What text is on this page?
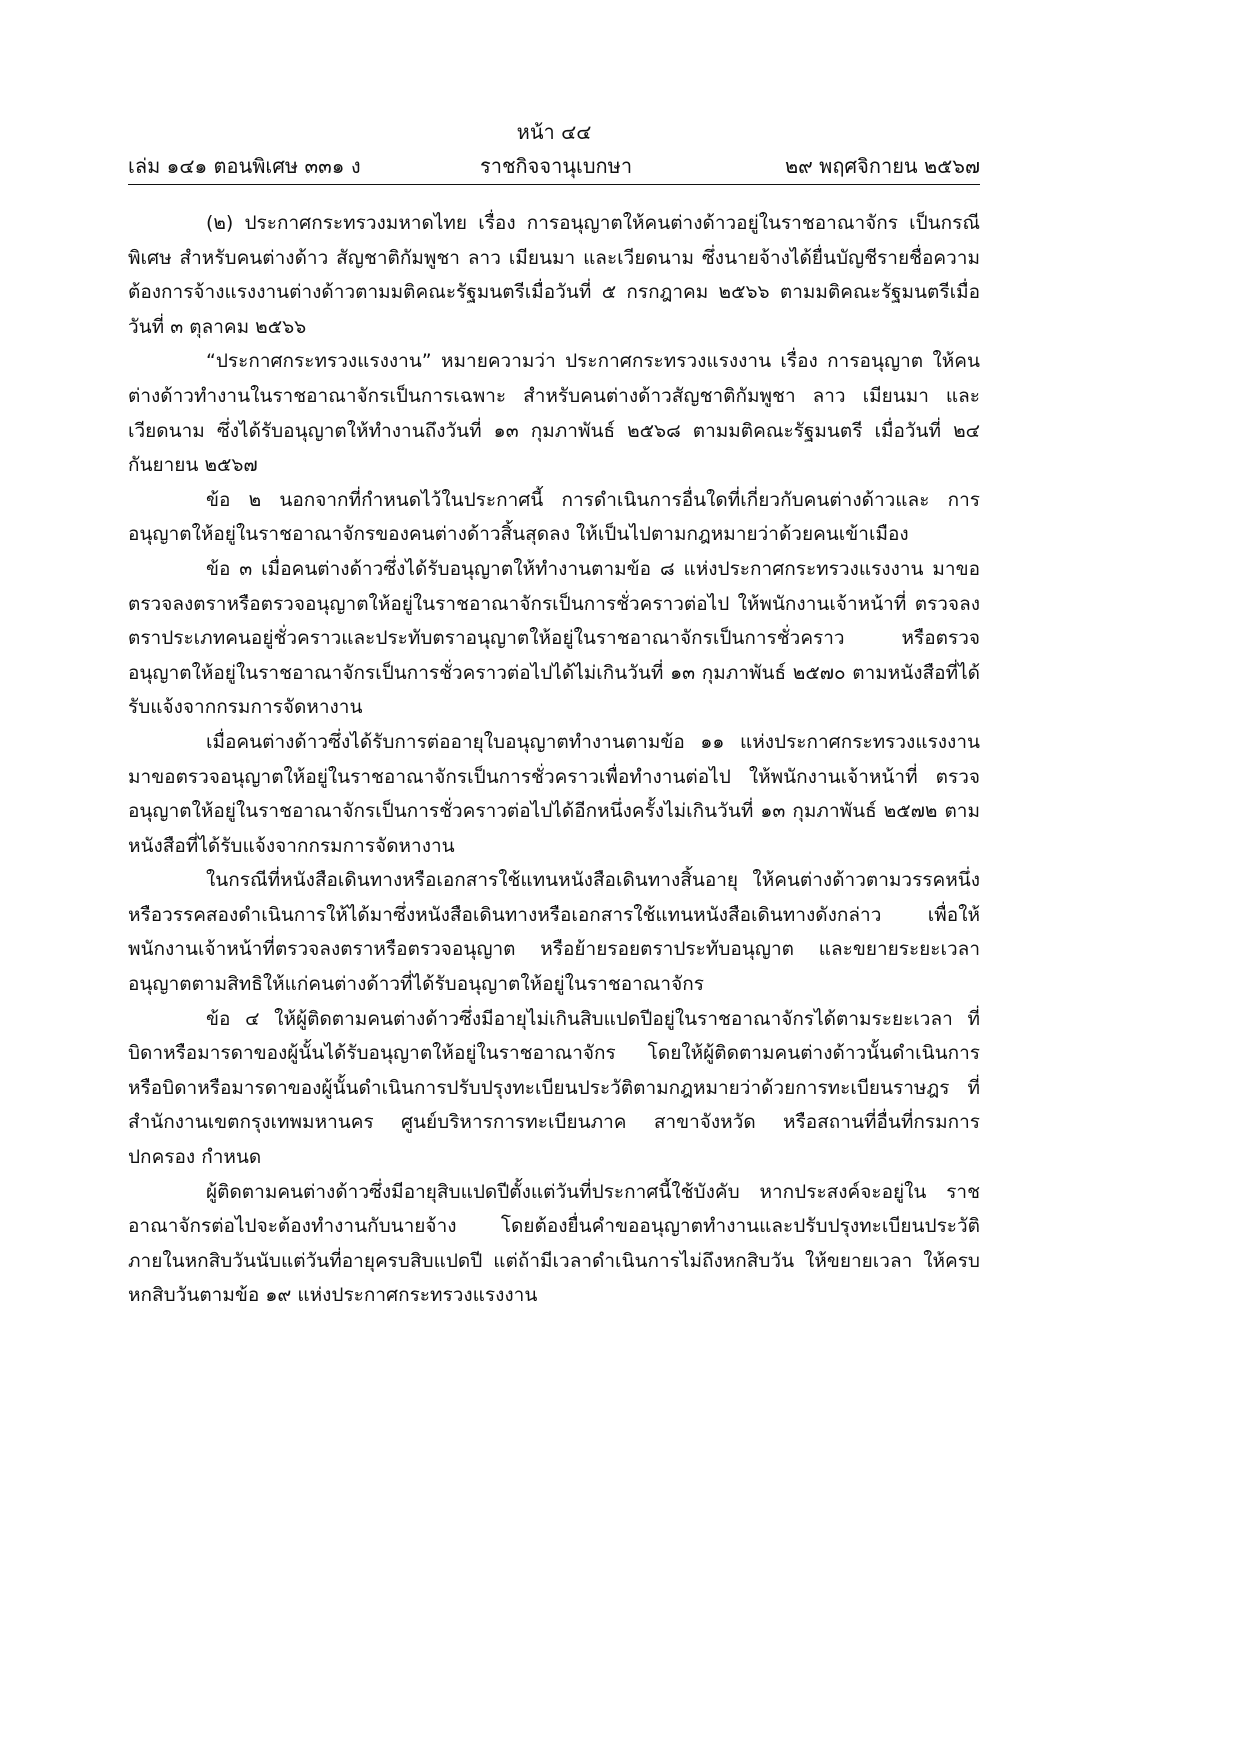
หน้า ๔๔
เล่ม ๑๔๑ ตอนพิเศษ ๓๓๑ ง	ราชกิจจานุเบกษา	๒๙ พฤศจิกายน ๒๕๖๗

(๒) ประกาศกระทรวงมหาดไทย เรื่อง การอนุญาตให้คนต่างด้าวอยู่ในราชอาณาจักร เป็นกรณีพิเศษ สำหรับคนต่างด้าว สัญชาติกัมพูชา ลาว เมียนมา และเวียดนาม ซึ่งนายจ้างได้ยื่นบัญชีรายชื่อความต้องการจ้างแรงงานต่างด้าวตามมติคณะรัฐมนตรีเมื่อวันที่ ๕ กรกฎาคม ๒๕๖๖ ตามมติคณะรัฐมนตรีเมื่อวันที่ ๓ ตุลาคม ๒๕๖๖

“ประกาศกระทรวงแรงงาน” หมายความว่า ประกาศกระทรวงแรงงาน เรื่อง การอนุญาต ให้คนต่างด้าวทำงานในราชอาณาจักรเป็นการเฉพาะ สำหรับคนต่างด้าวสัญชาติกัมพูชา ลาว เมียนมา และเวียดนาม ซึ่งได้รับอนุญาตให้ทำงานถึงวันที่ ๑๓ กุมภาพันธ์ ๒๕๖๘ ตามมติคณะรัฐมนตรี เมื่อวันที่ ๒๔ กันยายน ๒๕๖๗

ข้อ ๒ นอกจากที่กำหนดไว้ในประกาศนี้ การดำเนินการอื่นใดที่เกี่ยวกับคนต่างด้าวและ การอนุญาตให้อยู่ในราชอาณาจักรของคนต่างด้าวสิ้นสุดลง ให้เป็นไปตามกฎหมายว่าด้วยคนเข้าเมือง

ข้อ ๓ เมื่อคนต่างด้าวซึ่งได้รับอนุญาตให้ทำงานตามข้อ ๘ แห่งประกาศกระทรวงแรงงาน มาขอตรวจลงตราหรือตรวจอนุญาตให้อยู่ในราชอาณาจักรเป็นการชั่วคราวต่อไป ให้พนักงานเจ้าหน้าที่ ตรวจลงตราประเภทคนอยู่ชั่วคราวและประทับตราอนุญาตให้อยู่ในราชอาณาจักรเป็นการชั่วคราว หรือตรวจอนุญาตให้อยู่ในราชอาณาจักรเป็นการชั่วคราวต่อไปได้ไม่เกินวันที่ ๑๓ กุมภาพันธ์ ๒๕๗๐ ตามหนังสือที่ได้รับแจ้งจากกรมการจัดหางาน

เมื่อคนต่างด้าวซึ่งได้รับการต่ออายุใบอนุญาตทำงานตามข้อ ๑๑ แห่งประกาศกระทรวงแรงงาน มาขอตรวจอนุญาตให้อยู่ในราชอาณาจักรเป็นการชั่วคราวเพื่อทำงานต่อไป ให้พนักงานเจ้าหน้าที่ ตรวจอนุญาตให้อยู่ในราชอาณาจักรเป็นการชั่วคราวต่อไปได้อีกหนึ่งครั้งไม่เกินวันที่ ๑๓ กุมภาพันธ์ ๒๕๗๒ ตามหนังสือที่ได้รับแจ้งจากกรมการจัดหางาน

ในกรณีที่หนังสือเดินทางหรือเอกสารใช้แทนหนังสือเดินทางสิ้นอายุ ให้คนต่างด้าวตามวรรคหนึ่ง หรือวรรคสองดำเนินการให้ได้มาซึ่งหนังสือเดินทางหรือเอกสารใช้แทนหนังสือเดินทางดังกล่าว เพื่อให้ พนักงานเจ้าหน้าที่ตรวจลงตราหรือตรวจอนุญาต หรือย้ายรอยตราประทับอนุญาต และขยายระยะเวลา อนุญาตตามสิทธิให้แก่คนต่างด้าวที่ได้รับอนุญาตให้อยู่ในราชอาณาจักร

ข้อ ๔ ให้ผู้ติดตามคนต่างด้าวซึ่งมีอายุไม่เกินสิบแปดปีอยู่ในราชอาณาจักรได้ตามระยะเวลา ที่บิดาหรือมารดาของผู้นั้นได้รับอนุญาตให้อยู่ในราชอาณาจักร โดยให้ผู้ติดตามคนต่างด้าวนั้นดำเนินการ หรือบิดาหรือมารดาของผู้นั้นดำเนินการปรับปรุงทะเบียนประวัติตามกฎหมายว่าด้วยการทะเบียนราษฎร ที่สำนักงานเขตกรุงเทพมหานคร ศูนย์บริหารการทะเบียนภาค สาขาจังหวัด หรือสถานที่อื่นที่กรมการปกครอง กำหนด

ผู้ติดตามคนต่างด้าวซึ่งมีอายุสิบแปดปีตั้งแต่วันที่ประกาศนี้ใช้บังคับ หากประสงค์จะอยู่ใน ราชอาณาจักรต่อไปจะต้องทำงานกับนายจ้าง โดยต้องยื่นคำขออนุญาตทำงานและปรับปรุงทะเบียนประวัติ ภายในหกสิบวันนับแต่วันที่อายุครบสิบแปดปี แต่ถ้ามีเวลาดำเนินการไม่ถึงหกสิบวัน ให้ขยายเวลา ให้ครบหกสิบวันตามข้อ ๑๙ แห่งประกาศกระทรวงแรงงาน
